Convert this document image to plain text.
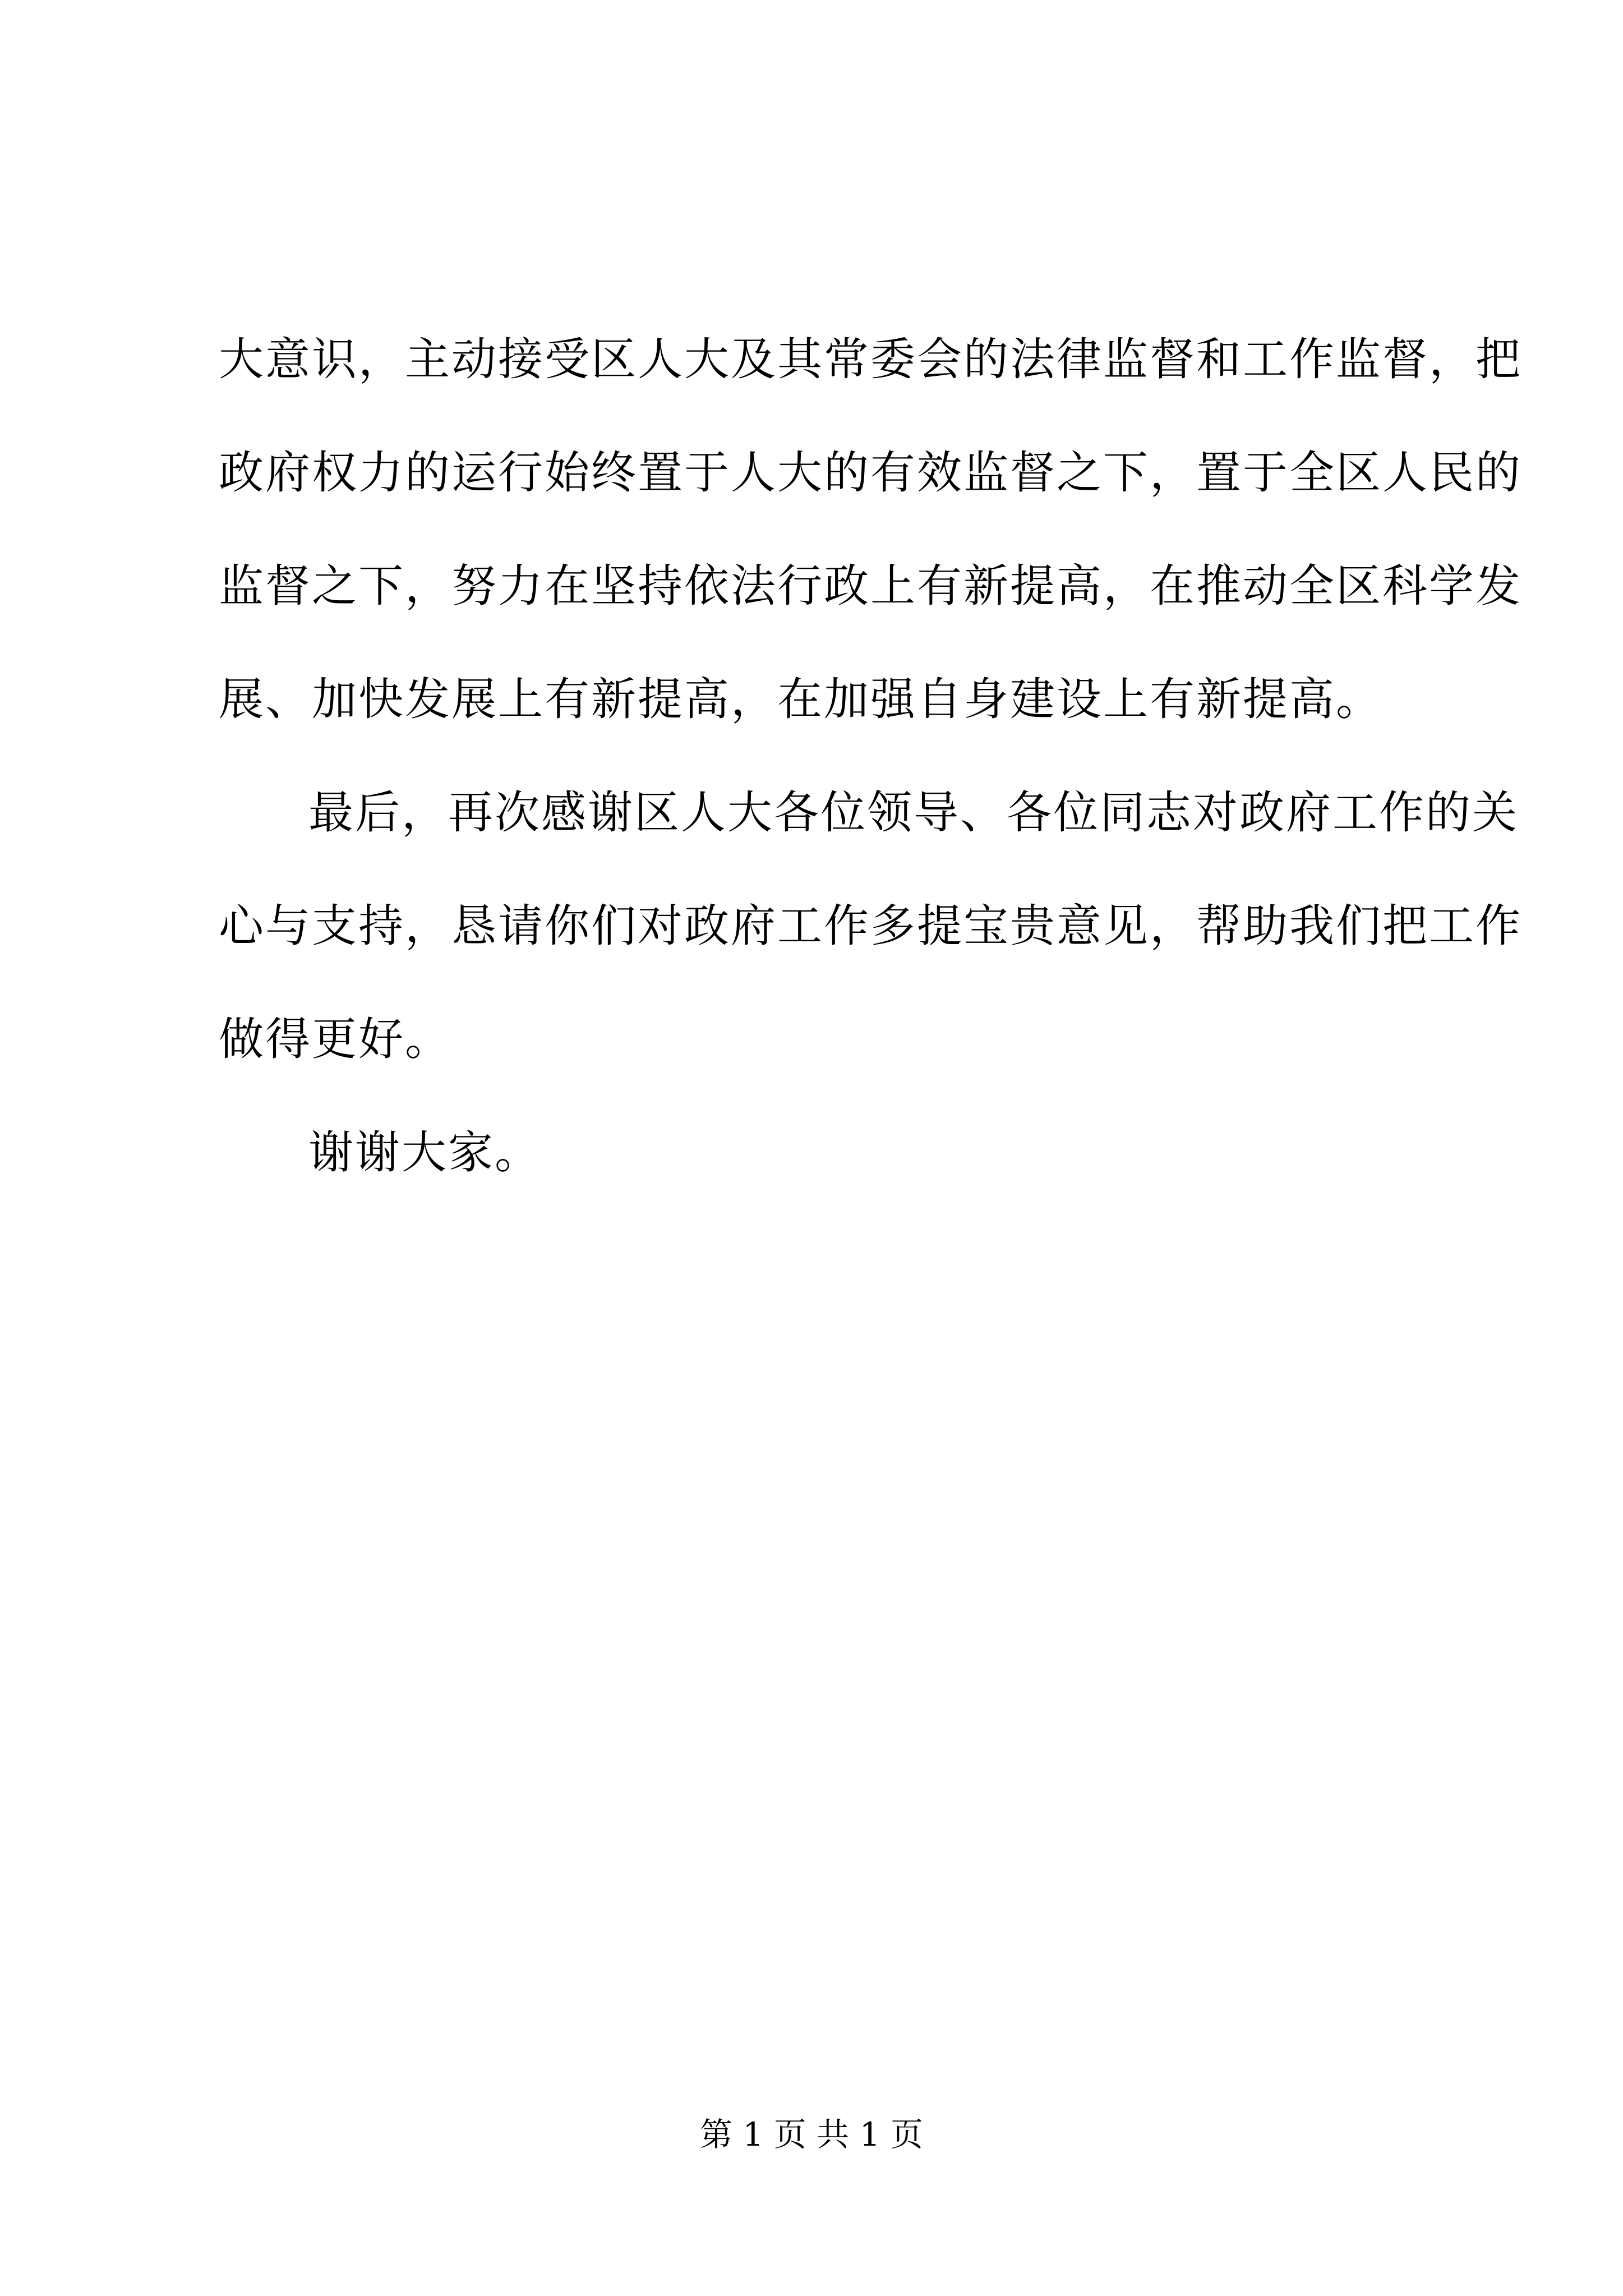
大意识，主动接受区人大及其常委会的法律监督和工作监督，把
政府权力的运行始终置于人大的有效监督之下，置于全区人民的
监督之下，努力在坚持依法行政上有新提高，在推动全区科学发
展、加快发展上有新提高，在加强自身建设上有新提高。
最后，再次感谢区人大各位领导、各位同志对政府工作的关
心与支持，恳请你们对政府工作多提宝贵意见，帮助我们把工作
做得更好。
谢谢大家。
第 1 页 共 1 页
